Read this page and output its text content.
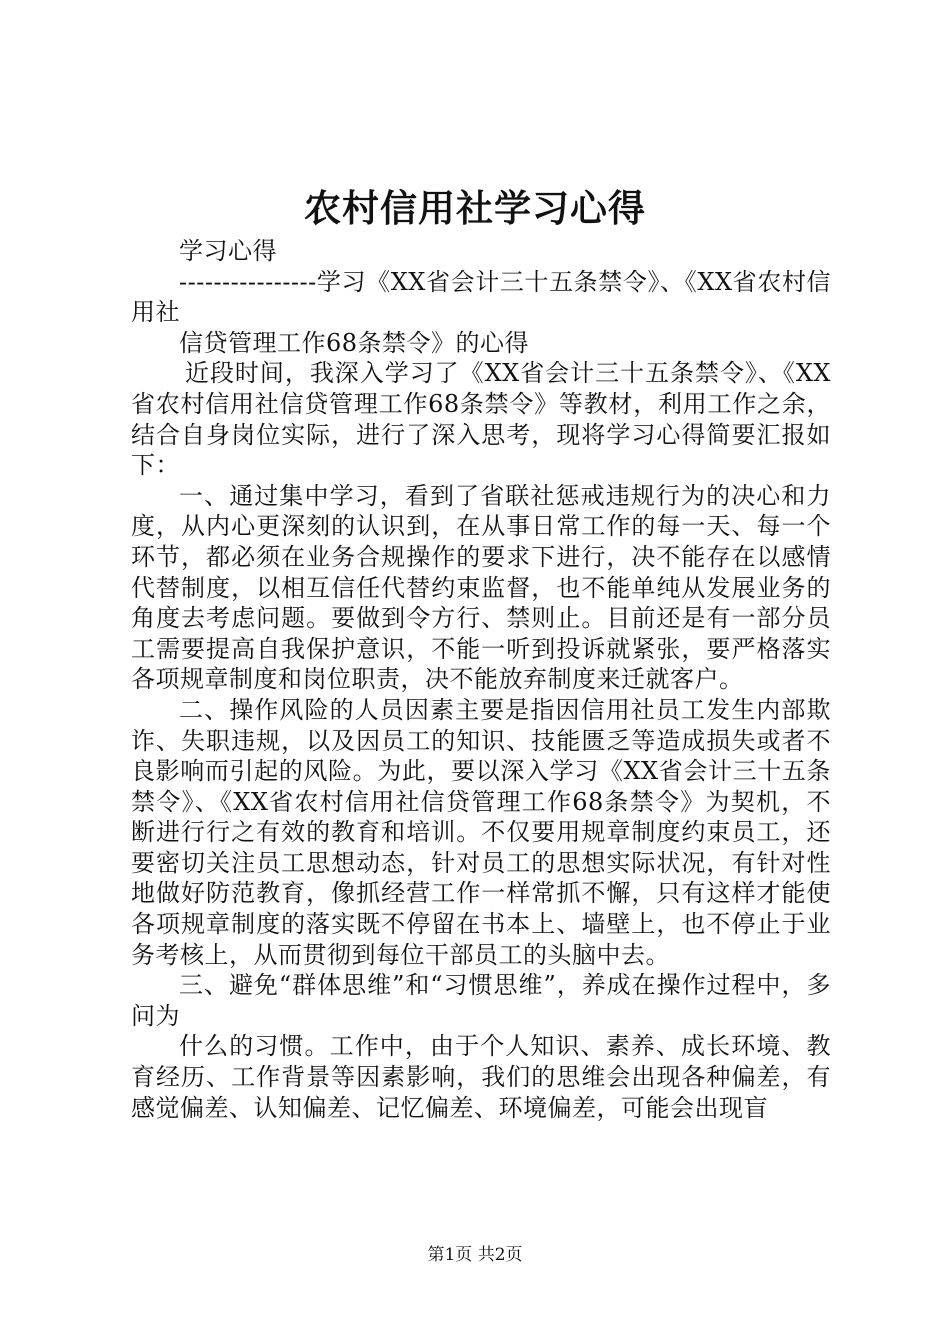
农村信用社学习心得

学习心得

----------------学习《XX省会计三十五条禁令》、《XX省农村信用社

信贷管理工作68条禁令》的心得

近段时间，我深入学习了《XX省会计三十五条禁令》、《XX省农村信用社信贷管理工作68条禁令》等教材，利用工作之余，结合自身岗位实际，进行了深入思考，现将学习心得简要汇报如下：

一、通过集中学习，看到了省联社惩戒违规行为的决心和力度，从内心更深刻的认识到，在从事日常工作的每一天、每一个环节，都必须在业务合规操作的要求下进行，决不能存在以感情代替制度，以相互信任代替约束监督，也不能单纯从发展业务的角度去考虑问题。要做到令方行、禁则止。目前还是有一部分员工需要提高自我保护意识，不能一听到投诉就紧张，要严格落实各项规章制度和岗位职责，决不能放弃制度来迁就客户。

二、操作风险的人员因素主要是指因信用社员工发生内部欺诈、失职违规，以及因员工的知识、技能匮乏等造成损失或者不良影响而引起的风险。为此，要以深入学习《XX省会计三十五条禁令》、《XX省农村信用社信贷管理工作68条禁令》为契机，不断进行行之有效的教育和培训。不仅要用规章制度约束员工，还要密切关注员工思想动态，针对员工的思想实际状况，有针对性地做好防范教育，像抓经营工作一样常抓不懈，只有这样才能使各项规章制度的落实既不停留在书本上、墙壁上，也不停止于业务考核上，从而贯彻到每位干部员工的头脑中去。

三、避免“群体思维”和“习惯思维”，养成在操作过程中，多问为

什么的习惯。工作中，由于个人知识、素养、成长环境、教育经历、工作背景等因素影响，我们的思维会出现各种偏差，有感觉偏差、认知偏差、记忆偏差、环境偏差，可能会出现盲

第1页 共2页
